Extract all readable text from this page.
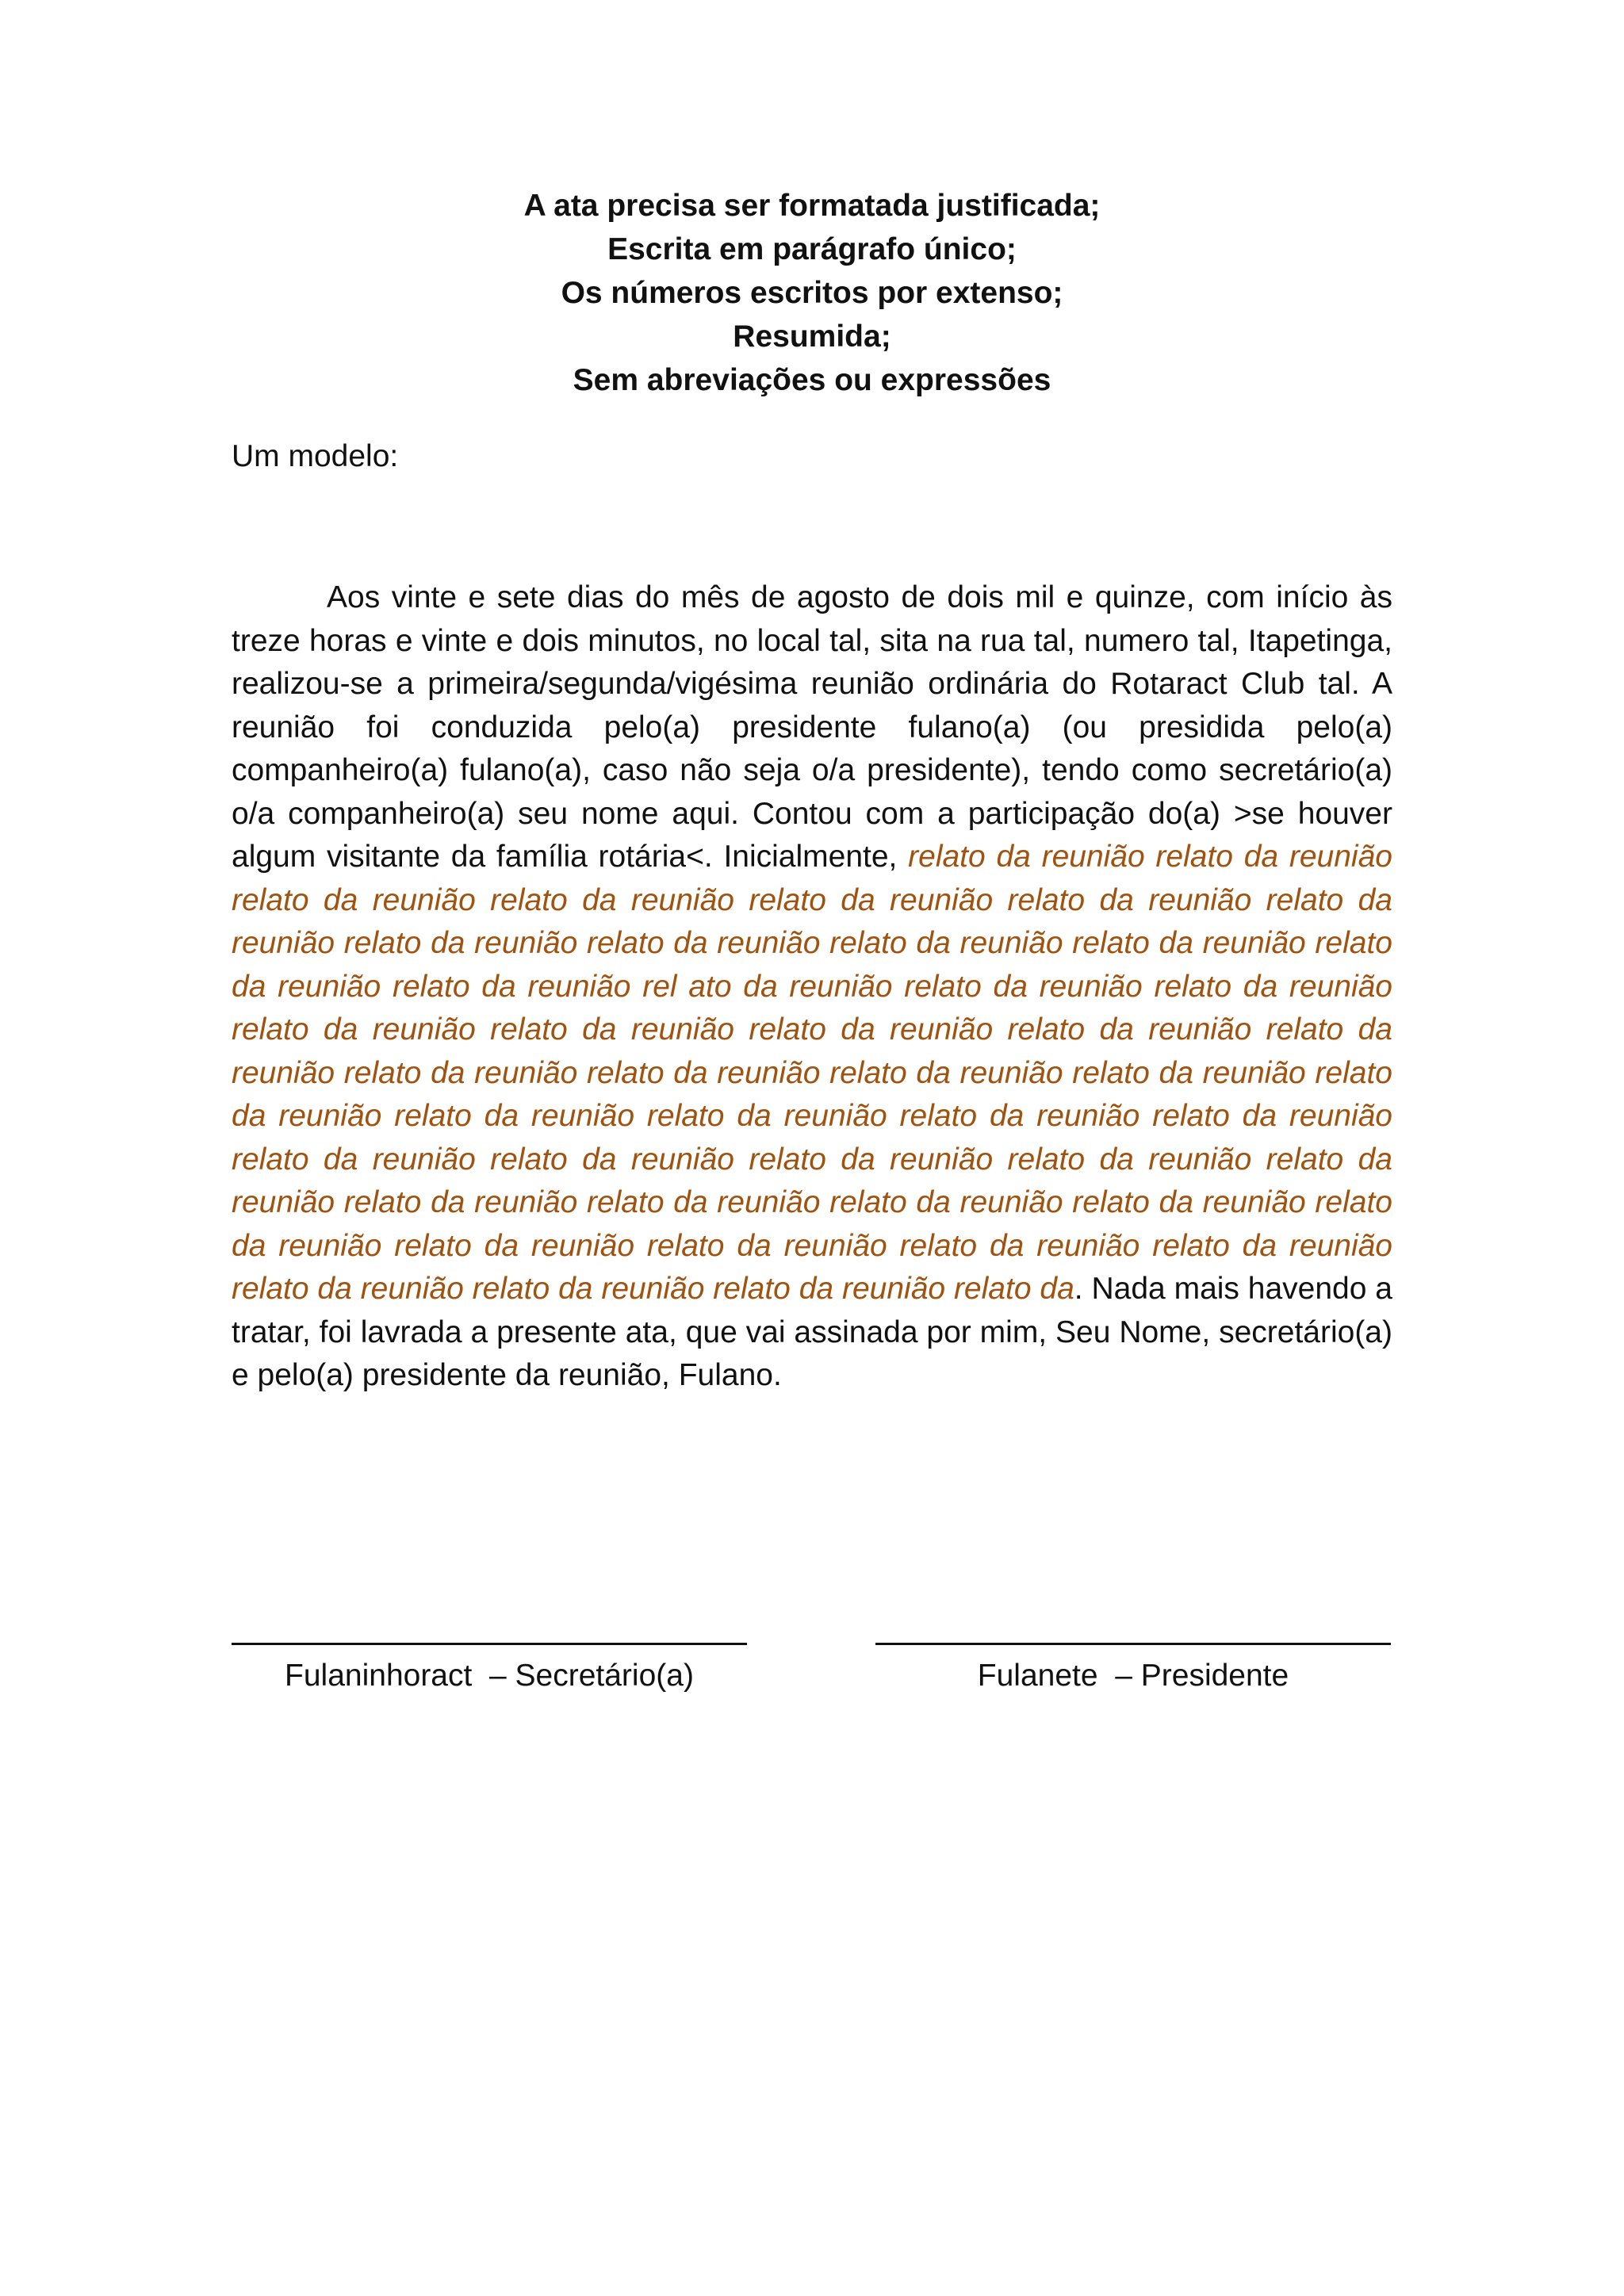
A ata precisa ser formatada justificada;
Escrita em parágrafo único;
Os números escritos por extenso;
Resumida;
Sem abreviações ou expressões
Um modelo:

Aos vinte e sete dias do mês de agosto de dois mil e quinze, com início às treze horas e vinte e dois minutos, no local tal, sita na rua tal, numero tal, Itapetinga, realizou-se a primeira/segunda/vigésima reunião ordinária do Rotaract Club tal. A reunião foi conduzida pelo(a) presidente fulano(a) (ou presidida pelo(a) companheiro(a) fulano(a), caso não seja o/a presidente), tendo como secretário(a) o/a companheiro(a) seu nome aqui. Contou com a participação do(a) >se houver algum visitante da família rotária<. Inicialmente, relato da reunião relato da reunião relato da reunião relato da reunião relato da reunião relato da reunião relato da reunião relato da reunião relato da reunião relato da reunião relato da reunião relato da reunião relato da reunião rel ato da reunião relato da reunião relato da reunião relato da reunião relato da reunião relato da reunião relato da reunião relato da reunião relato da reunião relato da reunião relato da reunião relato da reunião relato da reunião relato da reunião relato da reunião relato da reunião relato da reunião relato da reunião relato da reunião relato da reunião relato da reunião relato da reunião relato da reunião relato da reunião relato da reunião relato da reunião relato da reunião relato da reunião relato da reunião relato da reunião relato da reunião relato da reunião relato da reunião relato da reunião relato da. Nada mais havendo a tratar, foi lavrada a presente ata, que vai assinada por mim, Seu Nome, secretário(a) e pelo(a) presidente da reunião, Fulano.

Fulaninhoract  – Secretário(a)	Fulanete  – Presidente
